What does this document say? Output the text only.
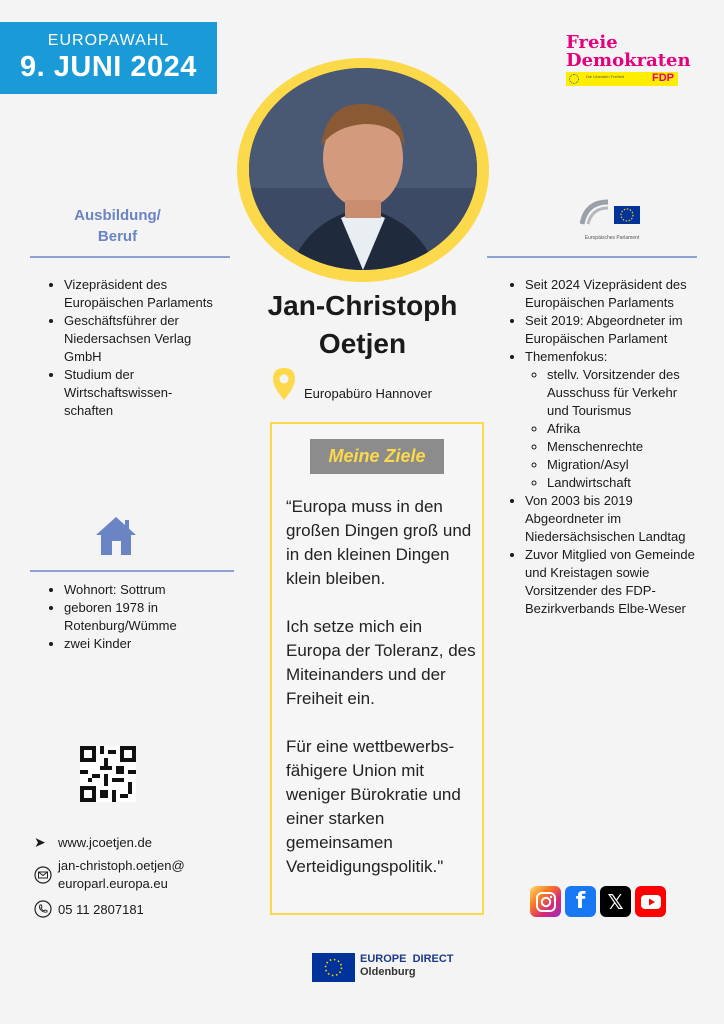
EUROPAWAHL
9. JUNI 2024
Freie
Demokraten
Die Liberalen Freiheit	FDP
Europäisches Parlament
Ausbildung/
Beruf
• Vizepräsident des Europäischen Parlaments
• Geschäftsführer der Niedersachsen Verlag GmbH
• Studium der Wirtschaftswissen-schaften
• Wohnort: Sottrum
• geboren 1978 in Rotenburg/Wümme
• zwei Kinder
➤ www.jcoetjen.de
jan-christoph.oetjen@
europarl.europa.eu
05 11 2807181
Jan-Christoph
Oetjen
Europabüro Hannover
Meine Ziele
“Europa muss in den großen Dingen groß und in den kleinen Dingen klein bleiben.

Ich setze mich ein Europa der Toleranz, des Miteinanders und der Freiheit ein.

Für eine wettbewerbs-fähigere Union mit weniger Bürokratie und einer starken gemeinsamen Verteidigungspolitik."
• Seit 2024 Vizepräsident des Europäischen Parlaments
• Seit 2019: Abgeordneter im Europäischen Parlament
• Themenfokus:
◦ stellv. Vorsitzender des Ausschuss für Verkehr und Tourismus
◦ Afrika
◦ Menschenrechte
◦ Migration/Asyl
◦ Landwirtschaft
• Von 2003 bis 2019 Abgeordneter im Niedersächsischen Landtag
• Zuvor Mitglied von Gemeinde und Kreistagen sowie Vorsitzender des FDP-Bezirkverbands Elbe-Weser
f	𝕏
EUROPE  DIRECT
Oldenburg
